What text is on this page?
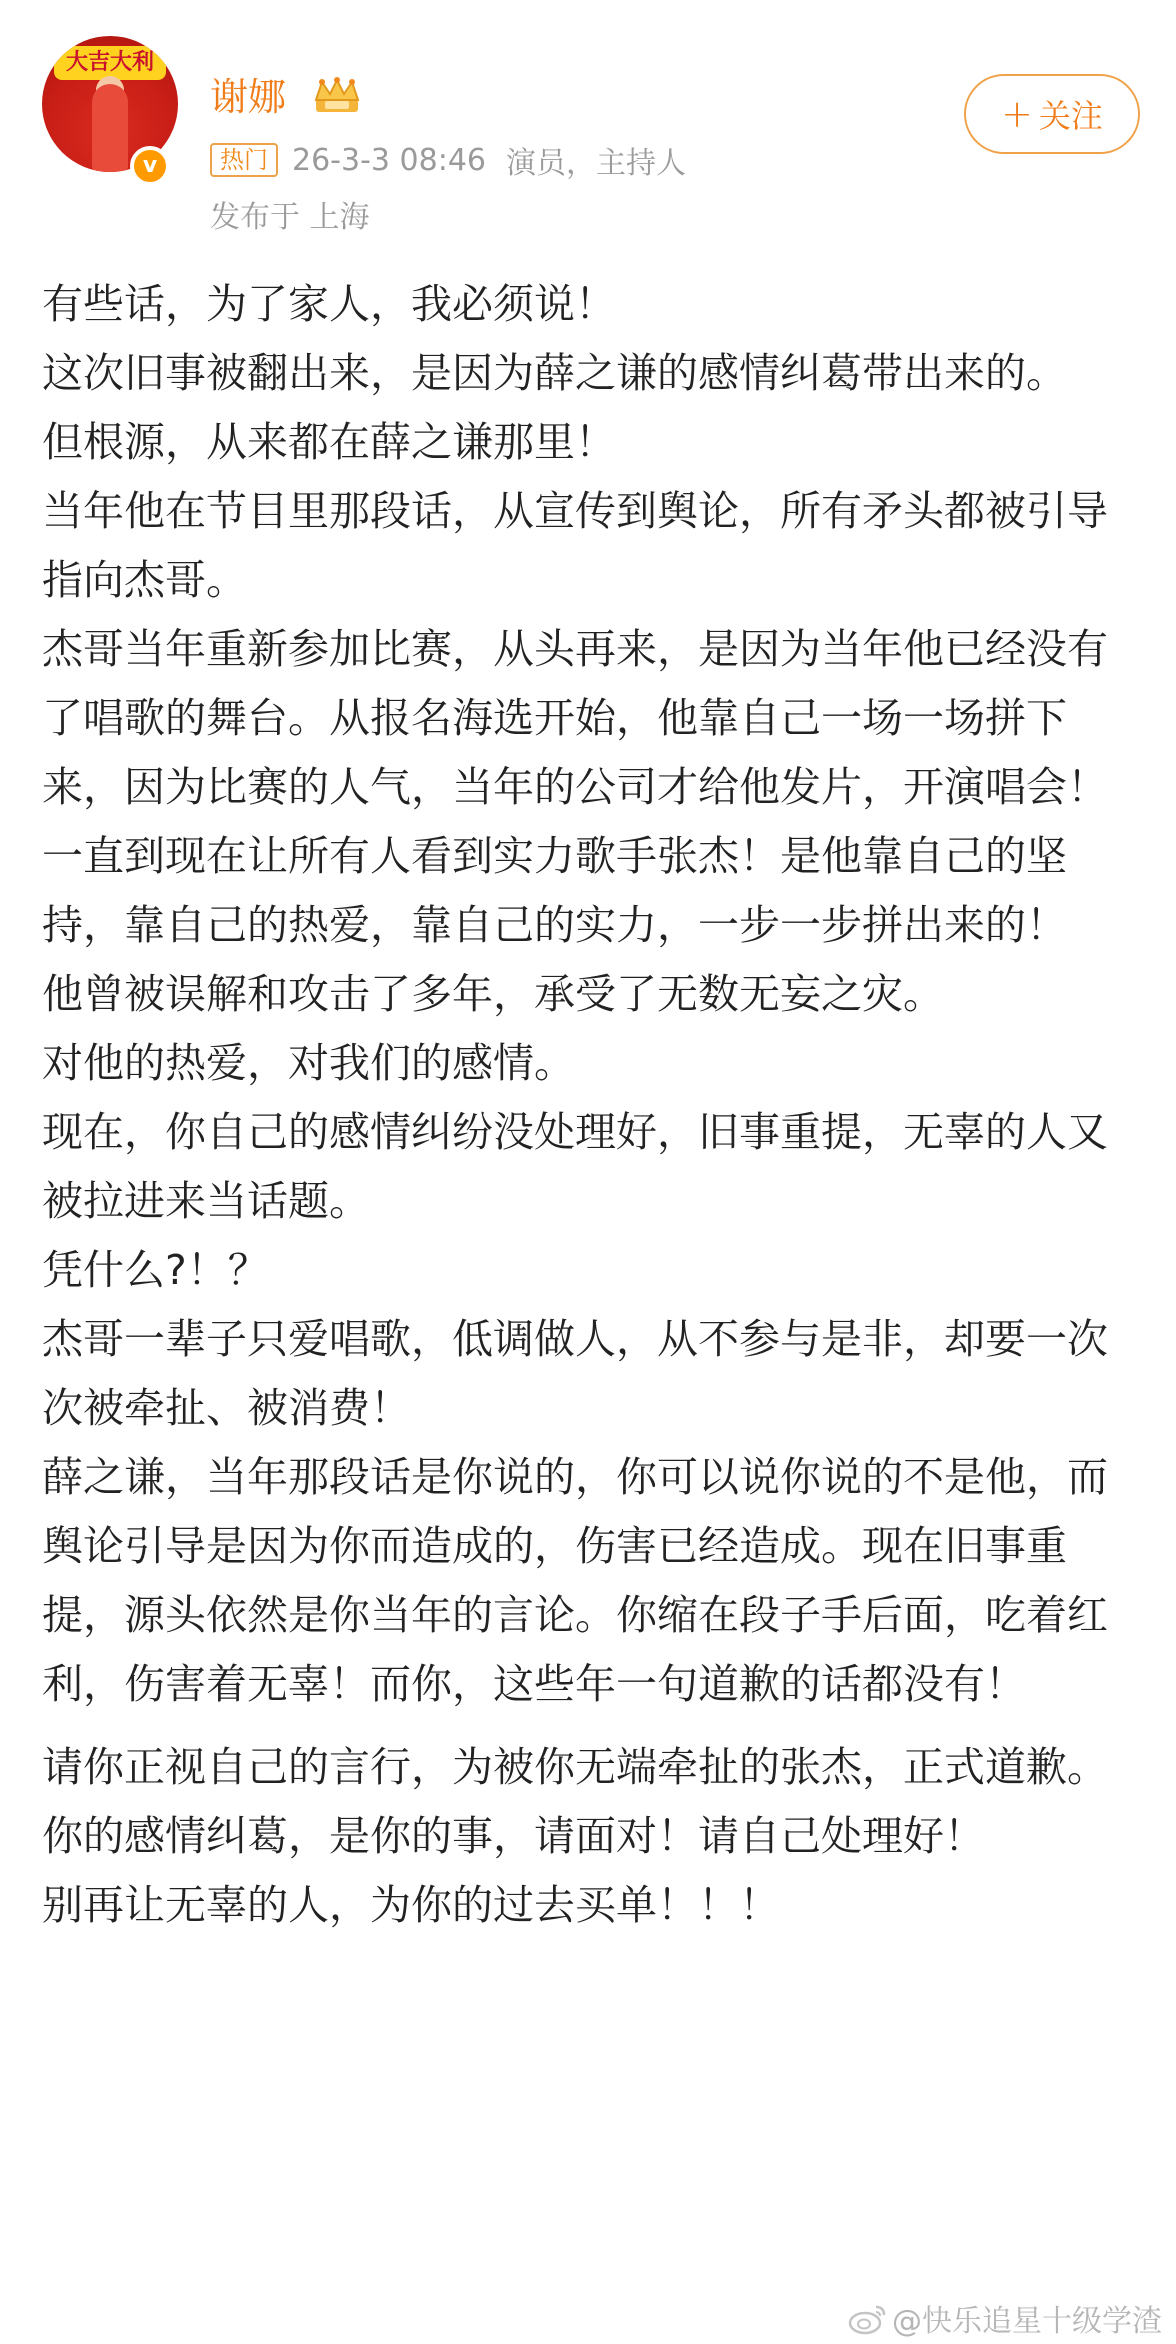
大吉大利
v
谢娜
热门 26-3-3 08:46 演员，主持人
发布于 上海
+ 关注
有些话，为了家人，我必须说！
这次旧事被翻出来，是因为薛之谦的感情纠葛带出来的。
但根源，从来都在薛之谦那里！
当年他在节目里那段话，从宣传到舆论，所有矛头都被引导指向杰哥。
杰哥当年重新参加比赛，从头再来，是因为当年他已经没有了唱歌的舞台。从报名海选开始，他靠自己一场一场拼下来，因为比赛的人气，当年的公司才给他发片，开演唱会！一直到现在让所有人看到实力歌手张杰！是他靠自己的坚持，靠自己的热爱，靠自己的实力，一步一步拼出来的！
他曾被误解和攻击了多年，承受了无数无妄之灾。
对他的热爱，对我们的感情。
现在，你自己的感情纠纷没处理好，旧事重提，无辜的人又被拉进来当话题。
凭什么?！？
杰哥一辈子只爱唱歌，低调做人，从不参与是非，却要一次次被牵扯、被消费！
薛之谦，当年那段话是你说的，你可以说你说的不是他，而舆论引导是因为你而造成的，伤害已经造成。现在旧事重提，源头依然是你当年的言论。你缩在段子手后面，吃着红利，伤害着无辜！而你，这些年一句道歉的话都没有！
请你正视自己的言行，为被你无端牵扯的张杰，正式道歉。
你的感情纠葛，是你的事，请面对！请自己处理好！
别再让无辜的人，为你的过去买单！！！
@快乐追星十级学渣
